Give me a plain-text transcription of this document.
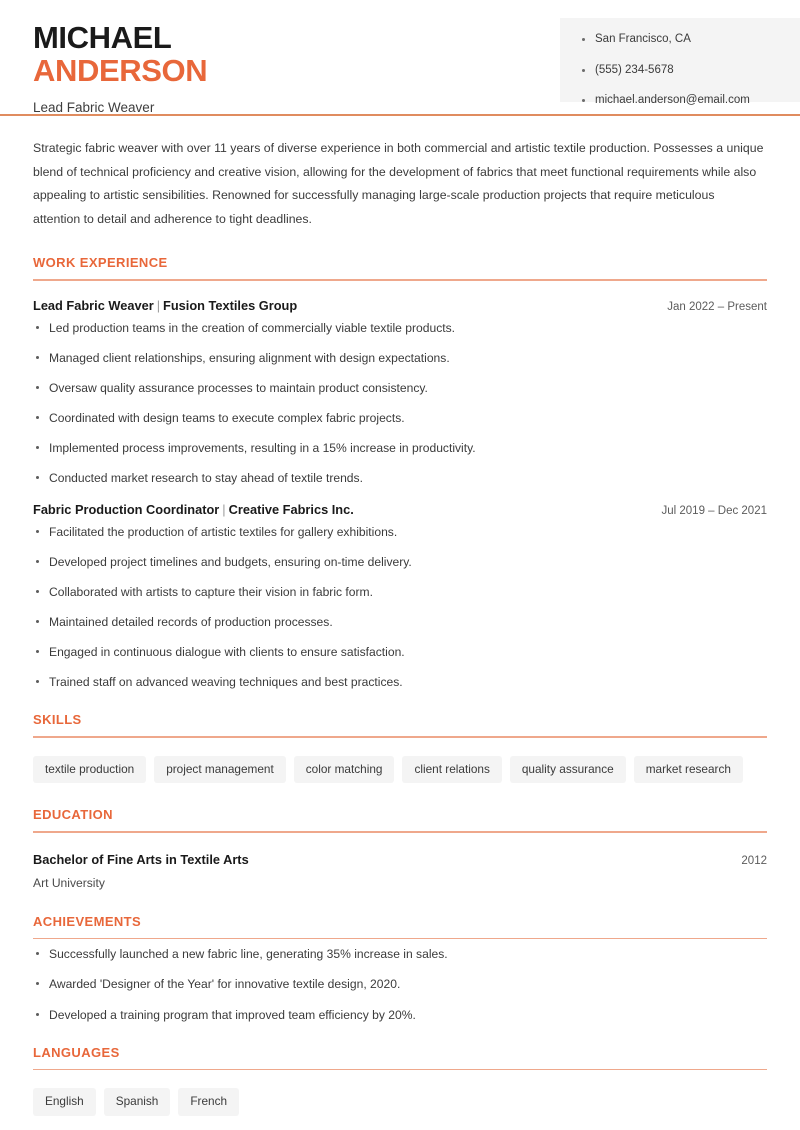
MICHAEL
ANDERSON
Lead Fabric Weaver
San Francisco, CA
(555) 234-5678
michael.anderson@email.com

Strategic fabric weaver with over 11 years of diverse experience in both commercial and artistic textile production. Possesses a unique blend of technical proficiency and creative vision, allowing for the development of fabrics that meet functional requirements while also appealing to artistic sensibilities. Renowned for successfully managing large-scale production projects that require meticulous attention to detail and adherence to tight deadlines.

WORK EXPERIENCE
Lead Fabric Weaver | Fusion Textiles Group	Jan 2022 – Present
Led production teams in the creation of commercially viable textile products.
Managed client relationships, ensuring alignment with design expectations.
Oversaw quality assurance processes to maintain product consistency.
Coordinated with design teams to execute complex fabric projects.
Implemented process improvements, resulting in a 15% increase in productivity.
Conducted market research to stay ahead of textile trends.
Fabric Production Coordinator | Creative Fabrics Inc.	Jul 2019 – Dec 2021
Facilitated the production of artistic textiles for gallery exhibitions.
Developed project timelines and budgets, ensuring on-time delivery.
Collaborated with artists to capture their vision in fabric form.
Maintained detailed records of production processes.
Engaged in continuous dialogue with clients to ensure satisfaction.
Trained staff on advanced weaving techniques and best practices.
SKILLS
textile production	project management	color matching	client relations	quality assurance	market research
EDUCATION
Bachelor of Fine Arts in Textile Arts	2012
Art University
ACHIEVEMENTS
Successfully launched a new fabric line, generating 35% increase in sales.
Awarded 'Designer of the Year' for innovative textile design, 2020.
Developed a training program that improved team efficiency by 20%.
LANGUAGES
English	Spanish	French
